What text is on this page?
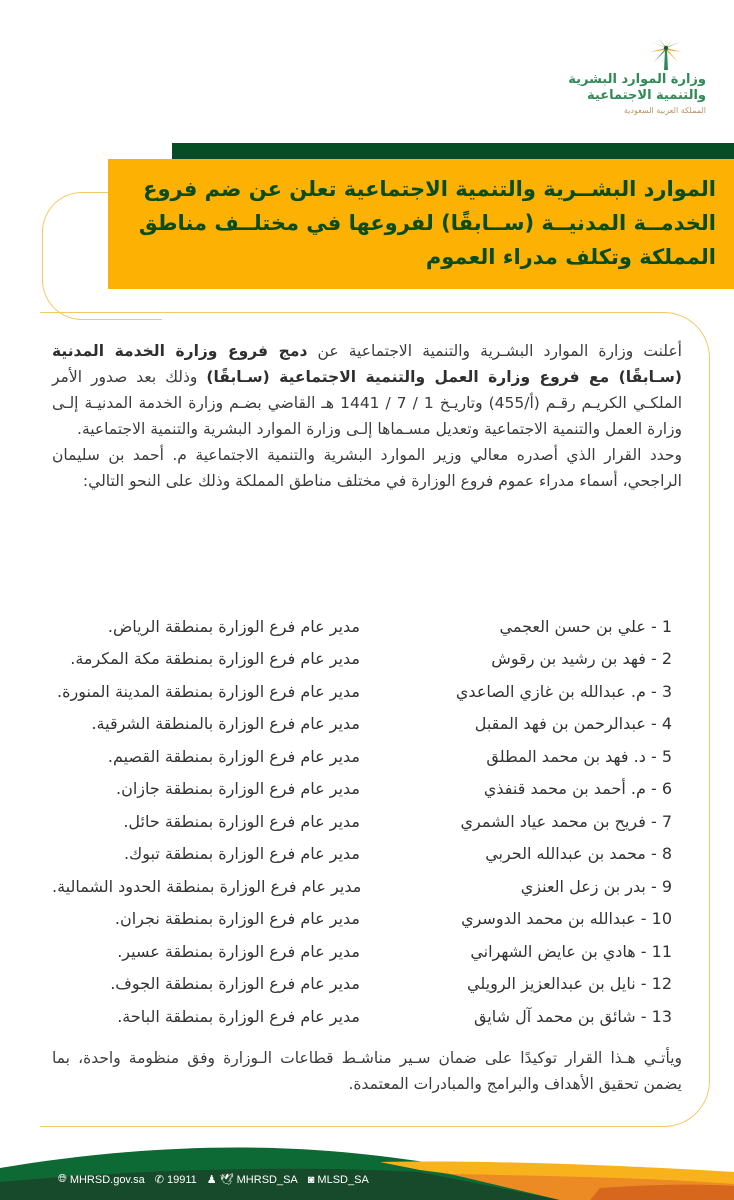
وزارة الموارد البشرية
والتنمية الاجتماعية
المملكة العربية السعودية
الموارد البشــرية والتنمية الاجتماعية تعلن عن ضم فروع
الخدمــة المدنيــة (ســابقًا) لفروعها في مختلــف مناطق
المملكة وتكلف مدراء العموم

أعلنت وزارة الموارد البشـرية والتنمية الاجتماعية عن دمج فروع وزارة الخدمة المدنية (سـابقًا) مع فروع وزارة العمل والتنمية الاجتماعية (سـابقًا) وذلك بعد صدور الأمر الملكـي الكريـم رقـم (أ/455) وتاريـخ 1 / 7 / 1441 هـ القاضي بضـم وزارة الخدمة المدنيـة إلـى وزارة العمل والتنمية الاجتماعية وتعديل مسـماها إلـى وزارة الموارد البشرية والتنمية الاجتماعية.

وحدد القرار الذي أصدره معالي وزير الموارد البشرية والتنمية الاجتماعية م. أحمد بن سليمان الراجحي، أسماء مدراء عموم فروع الوزارة في مختلف مناطق المملكة وذلك على النحو التالي:

1 - علي بن حسن العجمي
مدير عام فرع الوزارة بمنطقة الرياض.
2 - فهد بن رشيد بن رقوش
مدير عام فرع الوزارة بمنطقة مكة المكرمة.
3 - م. عبدالله بن غازي الصاعدي
مدير عام فرع الوزارة بمنطقة المدينة المنورة.
4 - عبدالرحمن بن فهد المقبل
مدير عام فرع الوزارة بالمنطقة الشرقية.
5 - د. فهد بن محمد المطلق
مدير عام فرع الوزارة بمنطقة القصيم.
6 - م. أحمد بن محمد قنفذي
مدير عام فرع الوزارة بمنطقة جازان.
7 - فريح بن محمد عياد الشمري
مدير عام فرع الوزارة بمنطقة حائل.
8 - محمد بن عبدالله الحربي
مدير عام فرع الوزارة بمنطقة تبوك.
9 - بدر بن زعل العنزي
مدير عام فرع الوزارة بمنطقة الحدود الشمالية.
10 - عبدالله بن محمد الدوسري
مدير عام فرع الوزارة بمنطقة نجران.
11 - هادي بن عايض الشهراني
مدير عام فرع الوزارة بمنطقة عسير.
12 - نايل بن عبدالعزيز الرويلي
مدير عام فرع الوزارة بمنطقة الجوف.
13 - شائق بن محمد آل شايق
مدير عام فرع الوزارة بمنطقة الباحة.

ويأتـي هـذا القرار توكيدًا على ضمان سـير مناشـط قطاعات الـوزارة وفق منظومة واحدة، بما يضمن تحقيق الأهداف والبرامج والمبادرات المعتمدة.

🌐︎ MHRSD.gov.sa ✆ 19911 ♟ 🕊︎ MHRSD_SA ◙ MLSD_SA
